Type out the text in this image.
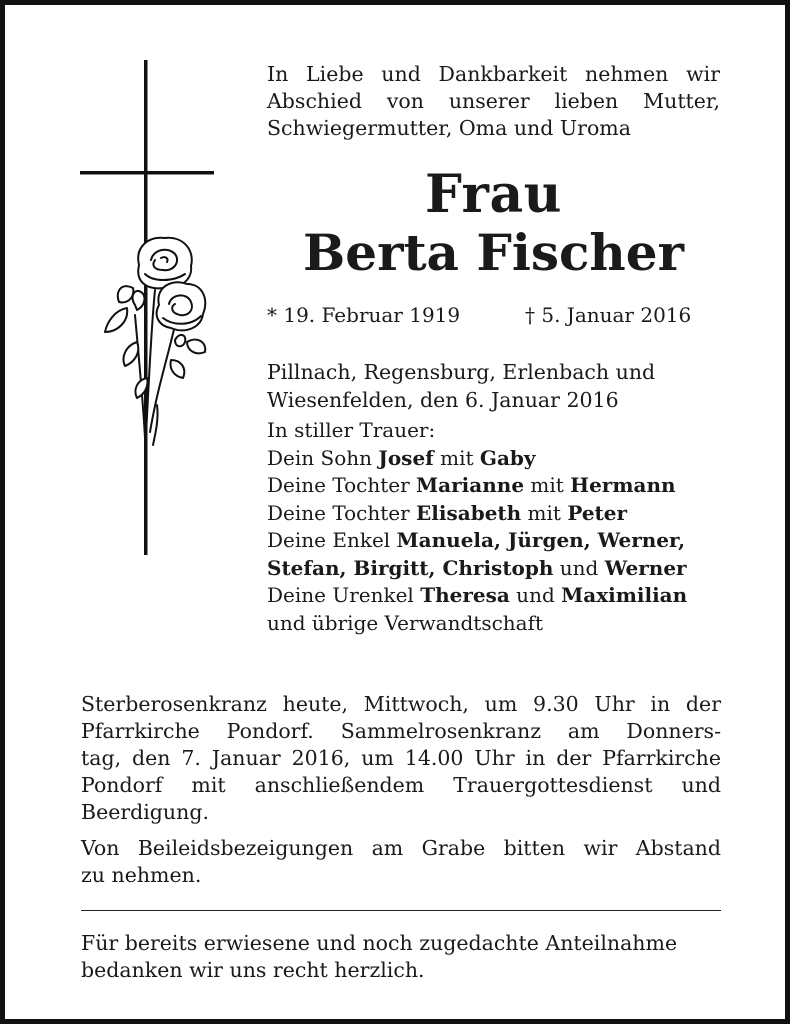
In Liebe und Dankbarkeit nehmen wir
Abschied von unserer lieben Mutter,
Schwiegermutter, Oma und Uroma
Frau
Berta Fischer
* 19. Februar 1919	† 5. Januar 2016
Pillnach, Regensburg, Erlenbach und
Wiesenfelden, den 6. Januar 2016
In stiller Trauer:
Dein Sohn Josef mit Gaby
Deine Tochter Marianne mit Hermann
Deine Tochter Elisabeth mit Peter
Deine Enkel Manuela, Jürgen, Werner,
Stefan, Birgitt, Christoph und Werner
Deine Urenkel Theresa und Maximilian
und übrige Verwandtschaft

Sterberosenkranz heute, Mittwoch, um 9.30 Uhr in der
Pfarrkirche Pondorf. Sammelrosenkranz am Donners-
tag, den 7. Januar 2016, um 14.00 Uhr in der Pfarrkirche
Pondorf mit anschließendem Trauergottesdienst und
Beerdigung.

Von Beileidsbezeigungen am Grabe bitten wir Abstand
zu nehmen.

Für bereits erwiesene und noch zugedachte Anteilnahme
bedanken wir uns recht herzlich.
